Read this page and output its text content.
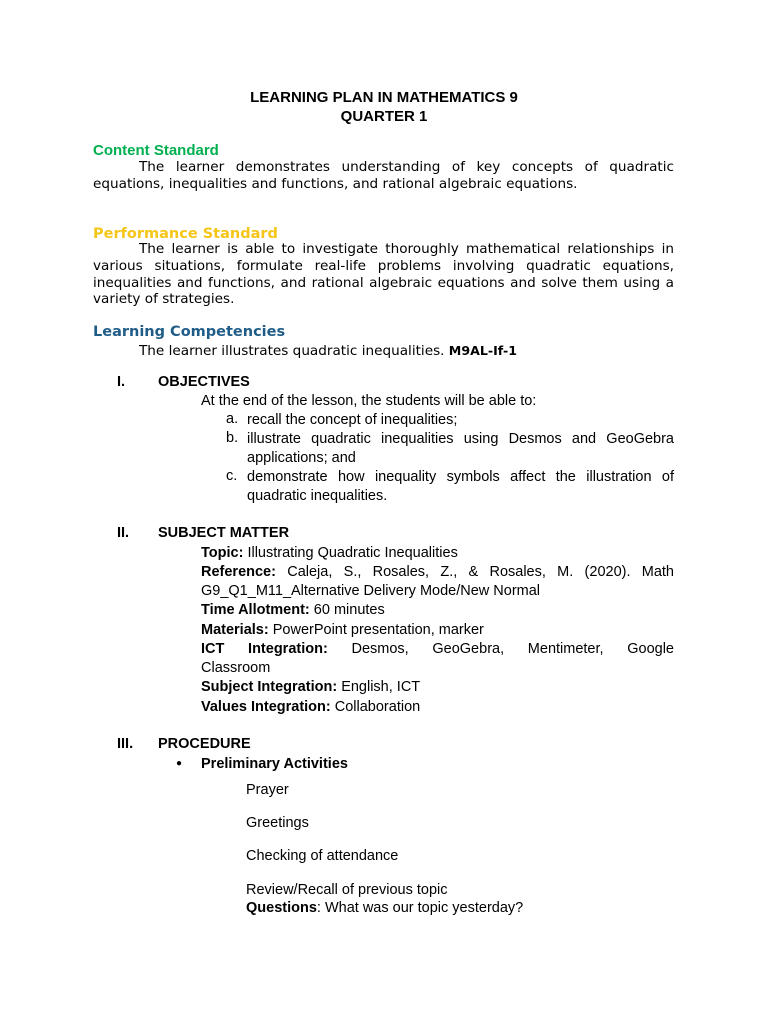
LEARNING PLAN IN MATHEMATICS 9
QUARTER 1
Content Standard
The learner demonstrates understanding of key concepts of quadratic equations, inequalities and functions, and rational algebraic equations.
Performance Standard
The learner is able to investigate thoroughly mathematical relationships in various situations, formulate real-life problems involving quadratic equations, inequalities and functions, and rational algebraic equations and solve them using a variety of strategies.
Learning Competencies
The learner illustrates quadratic inequalities. M9AL-If-1
I. OBJECTIVES
At the end of the lesson, the students will be able to:
a. recall the concept of inequalities;
b. illustrate quadratic inequalities using Desmos and GeoGebra
applications; and
c. demonstrate how inequality symbols affect the illustration of
quadratic inequalities.
II. SUBJECT MATTER
Topic: Illustrating Quadratic Inequalities
Reference: Caleja, S., Rosales, Z., & Rosales, M. (2020). Math
G9_Q1_M11_Alternative Delivery Mode/New Normal
Time Allotment: 60 minutes
Materials: PowerPoint presentation, marker
ICT Integration: Desmos, GeoGebra, Mentimeter, Google
Classroom
Subject Integration: English, ICT
Values Integration: Collaboration
III. PROCEDURE
● Preliminary Activities
Prayer
Greetings
Checking of attendance
Review/Recall of previous topic
Questions: What was our topic yesterday?
